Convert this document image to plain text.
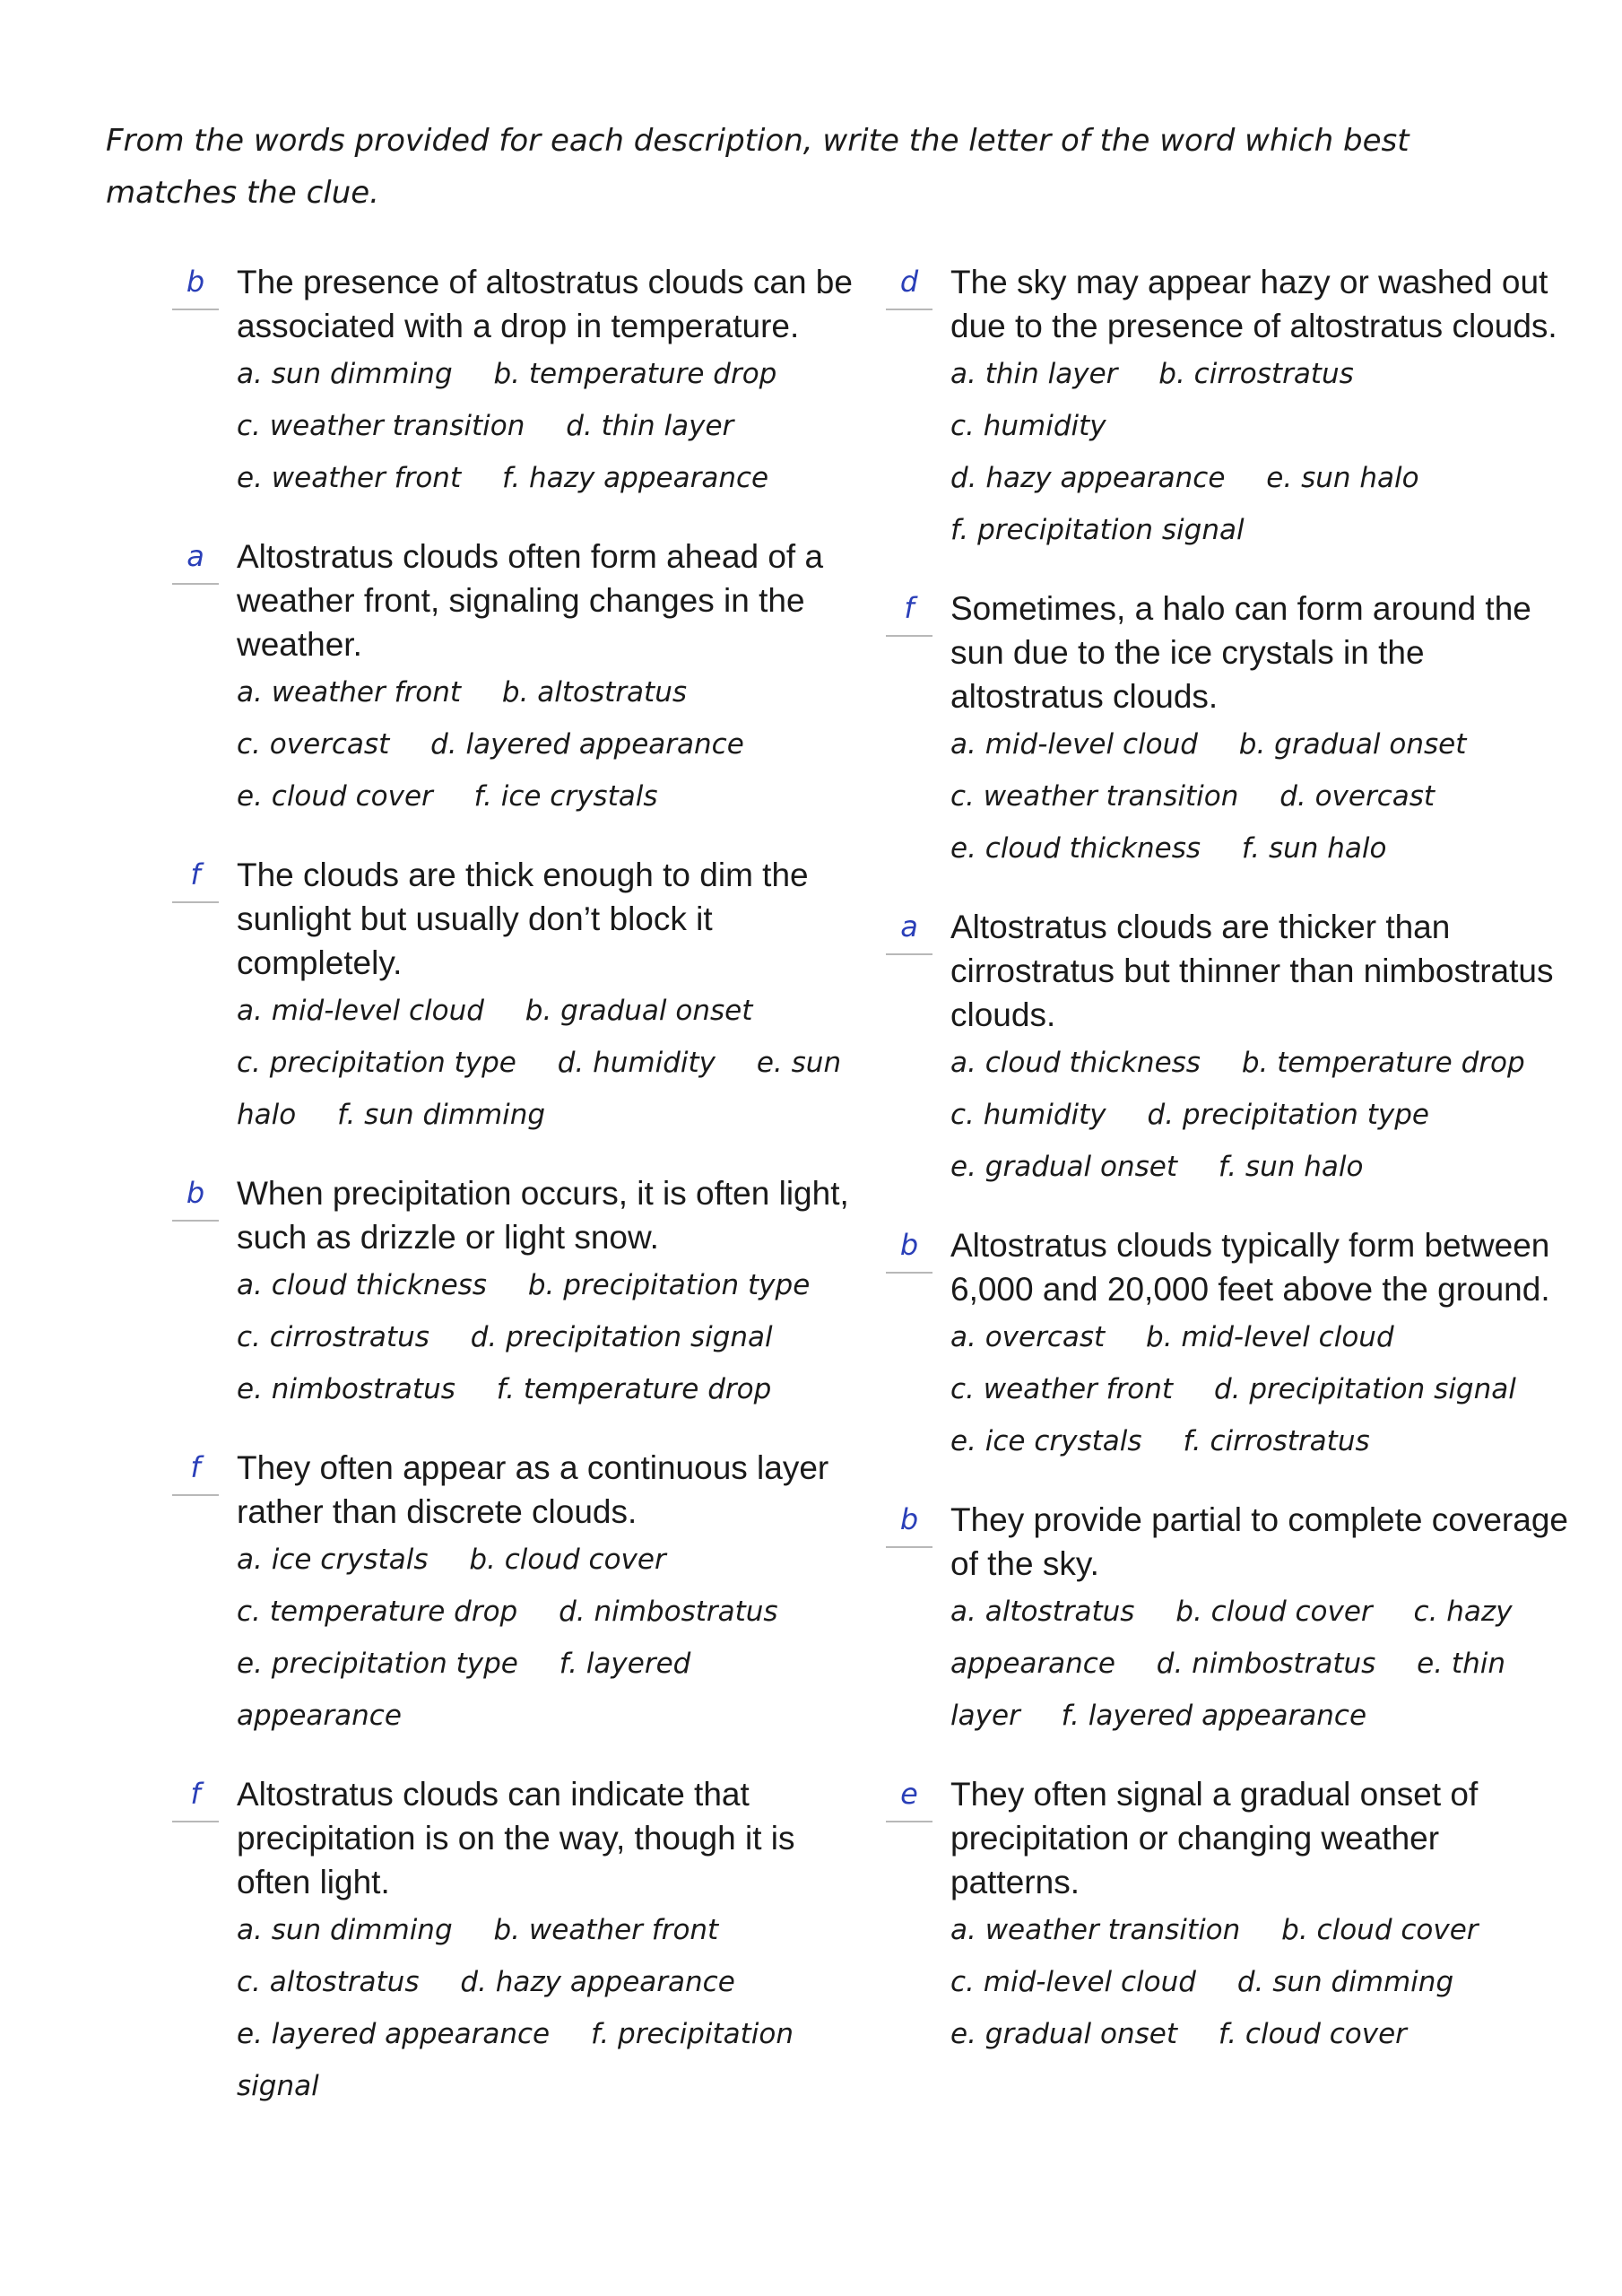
From the words provided for each description, write the letter of the word which best matches the clue.

b The presence of altostratus clouds can be associated with a drop in temperature.
a. sun dimming b. temperature drop
c. weather transition d. thin layer
e. weather front f. hazy appearance
a Altostratus clouds often form ahead of a weather front, signaling changes in the weather.
a. weather front b. altostratus
c. overcast d. layered appearance
e. cloud cover f. ice crystals
f	The clouds are thick enough to dim the sunlight but usually don’t block it completely.
a. mid-level cloud b. gradual onset
c. precipitation type d. humidity e. sun halo f. sun dimming
b When precipitation occurs, it is often light, such as drizzle or light snow.
a. cloud thickness b. precipitation type
c. cirrostratus d. precipitation signal
e. nimbostratus f. temperature drop
f	They often appear as a continuous layer rather than discrete clouds.
a. ice crystals b. cloud cover
c. temperature drop d. nimbostratus
e. precipitation type f. layered appearance
f	Altostratus clouds can indicate that precipitation is on the way, though it is often light.
a. sun dimming b. weather front
c. altostratus d. hazy appearance
e. layered appearance f. precipitation signal
d The sky may appear hazy or washed out due to the presence of altostratus clouds.
a. thin layer b. cirrostratus c. humidity
d. hazy appearance e. sun halo
f. precipitation signal
f	Sometimes, a halo can form around the sun due to the ice crystals in the altostratus clouds.
a. mid-level cloud b. gradual onset
c. weather transition d. overcast
e. cloud thickness f. sun halo
a Altostratus clouds are thicker than cirrostratus but thinner than nimbostratus clouds.
a. cloud thickness b. temperature drop
c. humidity d. precipitation type
e. gradual onset f. sun halo
b Altostratus clouds typically form between 6,000 and 20,000 feet above the ground.
a. overcast b. mid-level cloud
c. weather front d. precipitation signal
e. ice crystals f. cirrostratus
b They provide partial to complete coverage of the sky.
a. altostratus b. cloud cover c. hazy appearance d. nimbostratus e. thin layer f. layered appearance
e They often signal a gradual onset of precipitation or changing weather patterns.
a. weather transition b. cloud cover
c. mid-level cloud d. sun dimming
e. gradual onset f. cloud cover
